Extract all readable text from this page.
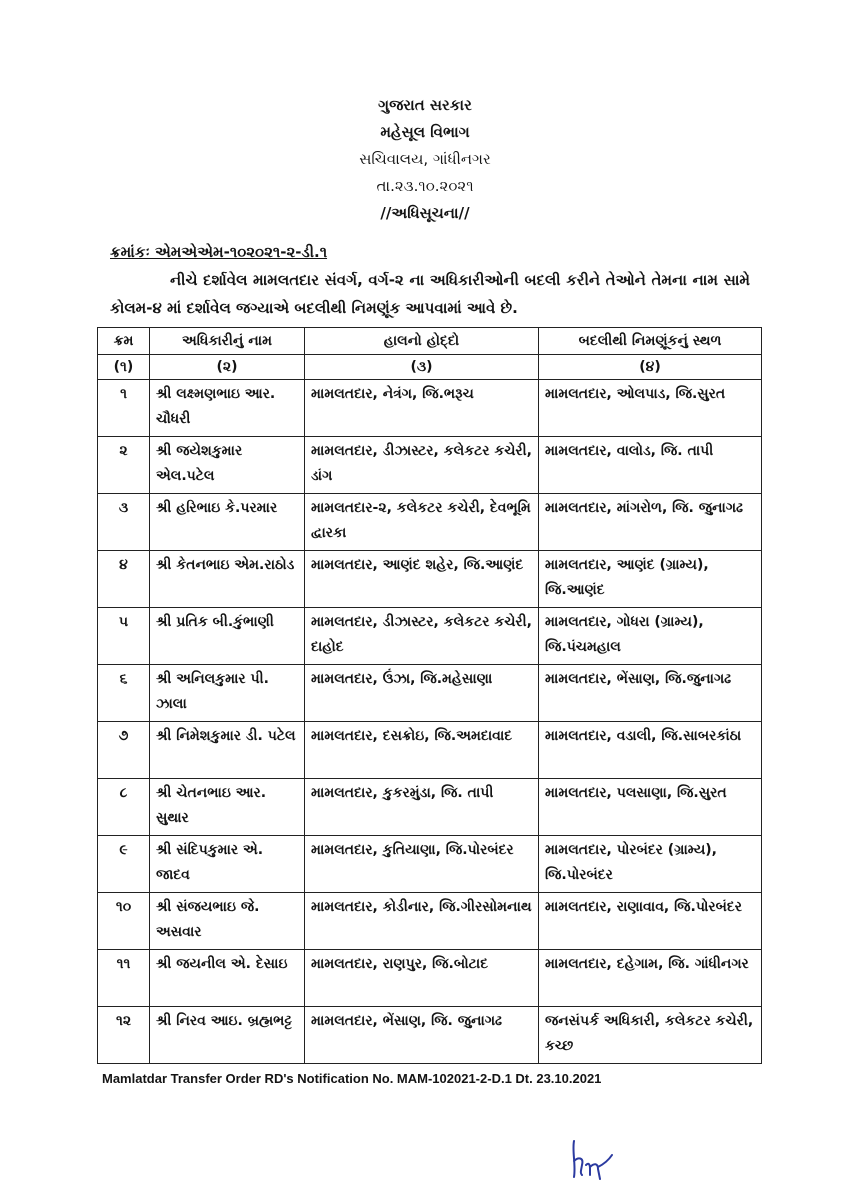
ગુજરાત સરકાર
મહેસૂલ વિભાગ
સચિવાલય, ગાંધીનગર
તા.૨૩.૧૦.૨૦૨૧
//અધિસૂચના//
ક્રમાંકઃ એમએએમ-૧૦૨૦૨૧-૨-ડી.૧
નીચે દર્શાવેલ મામલતદાર સંવર્ગ, વર્ગ-૨ ના અધિકારીઓની બદલી કરીને તેઓને તેમના નામ સામે કોલમ-૪ માં દર્શાવેલ જગ્યાએ બદલીથી નિમણૂંક આપવામાં આવે છે.
ક્રમ	અધિકારીનું નામ	હાલનો હોદ્દો	બદલીથી નિમણૂંકનું સ્થળ
(૧)	(૨)	(૩)	(૪)
૧	શ્રી લક્ષ્મણભાઇ આર. ચૌધરી	મામલતદાર, નેત્રંગ, જિ.ભરૂચ	મામલતદાર, ઓલપાડ, જિ.સુરત
૨	શ્રી જયેશકુમાર એલ.પટેલ	મામલતદાર, ડીઝાસ્ટર, કલેકટર કચેરી, ડાંગ	મામલતદાર, વાલોડ, જિ. તાપી
૩	શ્રી હરિભાઇ કે.પરમાર	મામલતદાર-૨, કલેકટર કચેરી, દેવભૂમિ દ્વારકા	મામલતદાર, માંગરોળ, જિ. જુનાગઢ
૪	શ્રી કેતનભાઇ એમ.રાઠોડ	મામલતદાર, આણંદ શહેર, જિ.આણંદ	મામલતદાર, આણંદ (ગ્રામ્ય), જિ.આણંદ
૫	શ્રી પ્રતિક બી.કુંભાણી	મામલતદાર, ડીઝાસ્ટર, કલેકટર કચેરી, દાહોદ	મામલતદાર, ગોધરા (ગ્રામ્ય), જિ.પંચમહાલ
૬	શ્રી અનિલકુમાર પી. ઝાલા	મામલતદાર, ઉંઝા, જિ.મહેસાણા	મામલતદાર, ભેંસાણ, જિ.જુનાગઢ
૭	શ્રી નિમેશકુમાર ડી. પટેલ	મામલતદાર, દસક્રોઇ, જિ.અમદાવાદ	મામલતદાર, વડાલી, જિ.સાબરકાંઠા
૮	શ્રી ચેતનભાઇ આર. સુથાર	મામલતદાર, કુકરમુંડા, જિ. તાપી	મામલતદાર, પલસાણા, જિ.સુરત
૯	શ્રી સંદિપકુમાર એ. જાદવ	મામલતદાર, કુતિયાણા, જિ.પોરબંદર	મામલતદાર, પોરબંદર (ગ્રામ્ય), જિ.પોરબંદર
૧૦	શ્રી સંજયભાઇ જે. અસવાર	મામલતદાર, કોડીનાર, જિ.ગીરસોમનાથ	મામલતદાર, રાણાવાવ, જિ.પોરબંદર
૧૧	શ્રી જયનીલ એ. દેસાઇ	મામલતદાર, રાણપુર, જિ.બોટાદ	મામલતદાર, દહેગામ, જિ. ગાંધીનગર
૧૨	શ્રી નિરવ આઇ. બ્રહ્મભટ્ટ	મામલતદાર, ભેંસાણ, જિ. જુનાગઢ	જનસંપર્ક અધિકારી, કલેકટર કચેરી, કચ્છ
Mamlatdar Transfer Order RD's Notification No. MAM-102021-2-D.1 Dt. 23.10.2021
